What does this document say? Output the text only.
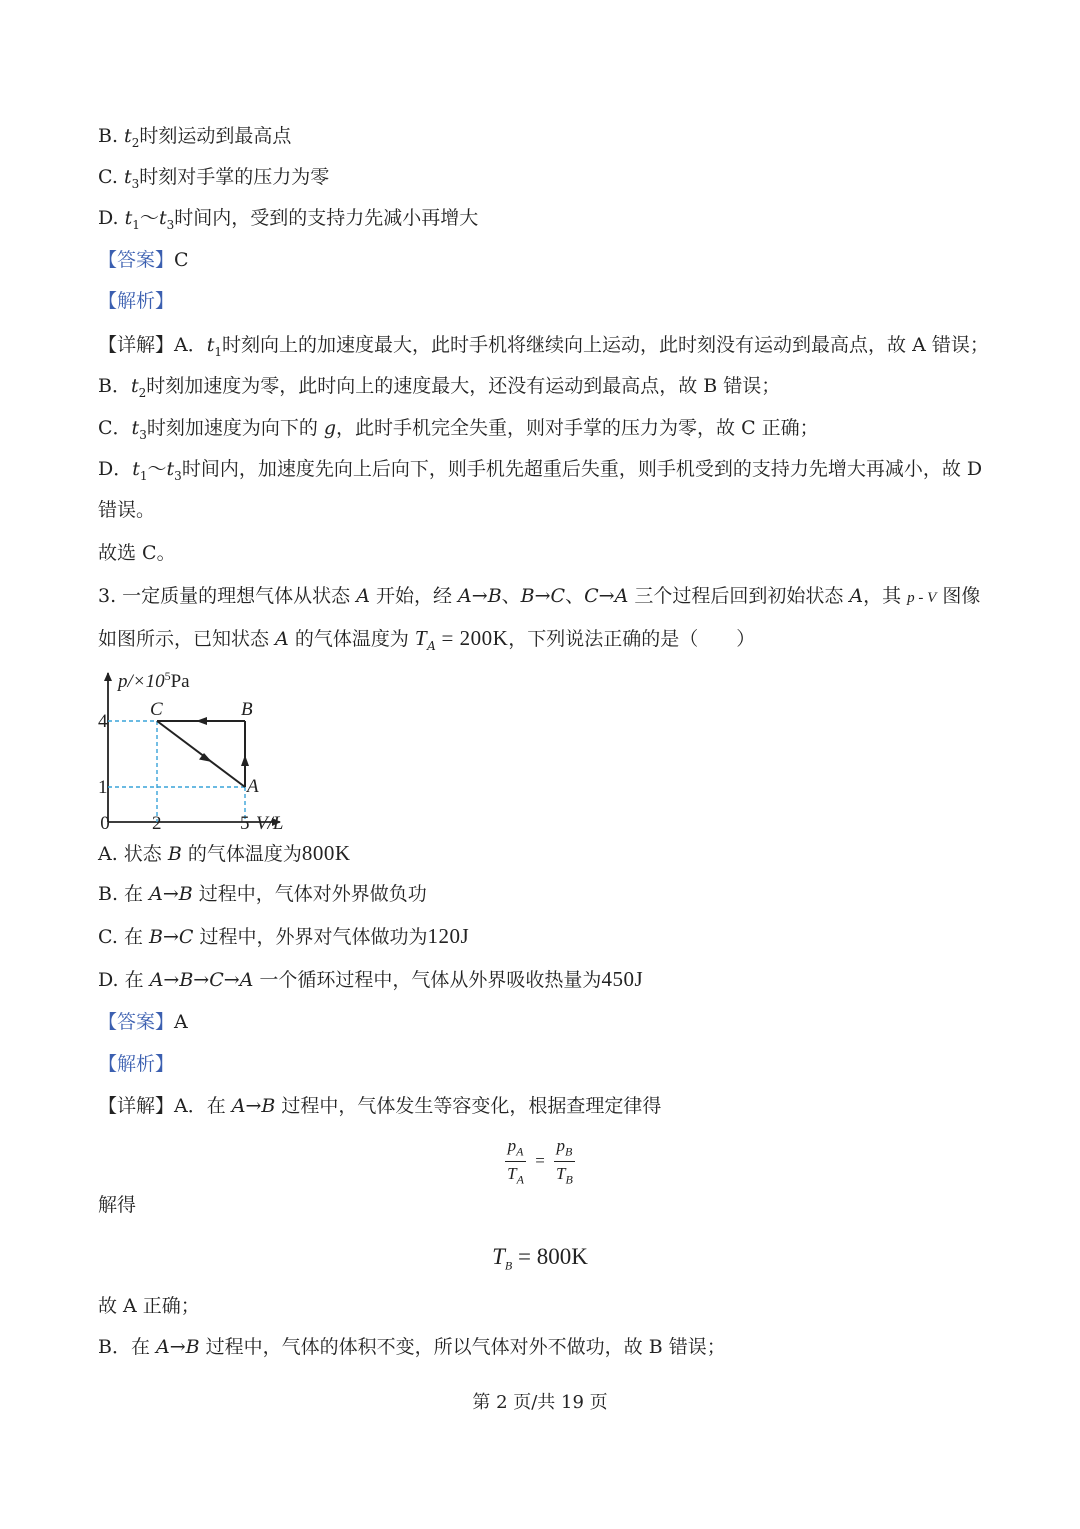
B. $t_2$时刻运动到最高点
C. $t_3$时刻对手掌的压力为零
D. $t_1\sim t_3$时间内，受到的支持力先减小再增大
【答案】C
【解析】
【详解】A．$t_1$时刻向上的加速度最大，此时手机将继续向上运动，此时刻没有运动到最高点，故 A 错误；
B．$t_2$时刻加速度为零，此时向上的速度最大，还没有运动到最高点，故 B 错误；
C．$t_3$时刻加速度为向下的 g，此时手机完全失重，则对手掌的压力为零，故 C 正确；
D．$t_1\sim t_3$时间内，加速度先向上后向下，则手机先超重后失重，则手机受到的支持力先增大再减小，故 D
错误。
故选 C。
3. 一定质量的理想气体从状态 A 开始，经 A→B、B→C、C→A 三个过程后回到初始状态 A，其 p - V 图像
如图所示，已知状态 A 的气体温度为 $T_A = 200K$，下列说法正确的是（　　）
$p/\times 10^5Pa$
4
1
0 2	5 V/L
C	B
A
A. 状态 B 的气体温度为800K
B. 在 A→B 过程中，气体对外界做负功
C. 在 B→C 过程中，外界对气体做功为120J
D. 在 A→B→C→A 一个循环过程中，气体从外界吸收热量为450J
【答案】A
【解析】
【详解】A．在 A→B 过程中，气体发生等容变化，根据查理定律得
$\frac{p_A}{T_A} = \frac{p_B}{T_B}$
解得
$T_B = 800K$
故 A 正确；
B．在 A→B 过程中，气体的体积不变，所以气体对外不做功，故 B 错误；
第 2 页/共 19 页
